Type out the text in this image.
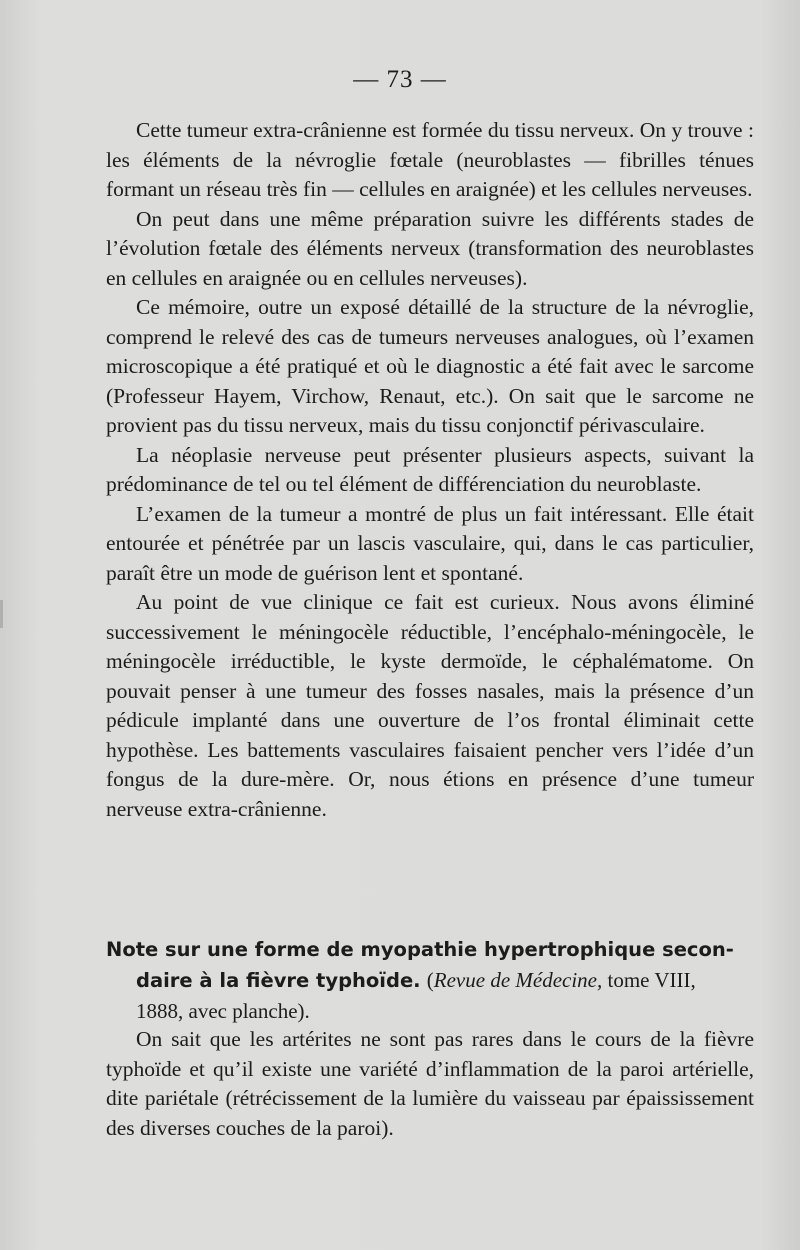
— 73 —

Cette tumeur extra-crânienne est formée du tissu nerveux. On y trouve : les éléments de la névroglie fœtale (neuroblastes — fibrilles ténues formant un réseau très fin — cellules en araignée) et les cellules nerveuses.

On peut dans une même préparation suivre les différents stades de l’évolution fœtale des éléments nerveux (transformation des neuroblastes en cellules en araignée ou en cellules nerveuses).

Ce mémoire, outre un exposé détaillé de la structure de la névroglie, comprend le relevé des cas de tumeurs nerveuses analogues, où l’examen microscopique a été pratiqué et où le diagnostic a été fait avec le sarcome (Professeur Hayem, Virchow, Renaut, etc.). On sait que le sarcome ne provient pas du tissu nerveux, mais du tissu conjonctif périvasculaire.

La néoplasie nerveuse peut présenter plusieurs aspects, suivant la prédominance de tel ou tel élément de différenciation du neuroblaste.

L’examen de la tumeur a montré de plus un fait intéressant. Elle était entourée et pénétrée par un lascis vasculaire, qui, dans le cas particulier, paraît être un mode de guérison lent et spontané.

Au point de vue clinique ce fait est curieux. Nous avons éliminé successivement le méningocèle réductible, l’encéphalo-méningocèle, le méningocèle irréductible, le kyste dermoïde, le céphalématome. On pouvait penser à une tumeur des fosses nasales, mais la présence d’un pédicule implanté dans une ouverture de l’os frontal éliminait cette hypothèse. Les battements vasculaires faisaient pencher vers l’idée d’un fongus de la dure-mère. Or, nous étions en présence d’une tumeur nerveuse extra-crânienne.

Note sur une forme de myopathie hypertrophique secon-
daire à la fièvre typhoïde. (Revue de Médecine, tome VIII,
1888, avec planche).

On sait que les artérites ne sont pas rares dans le cours de la fièvre typhoïde et qu’il existe une variété d’inflammation de la paroi artérielle, dite pariétale (rétrécissement de la lumière du vaisseau par épaississement des diverses couches de la paroi).
